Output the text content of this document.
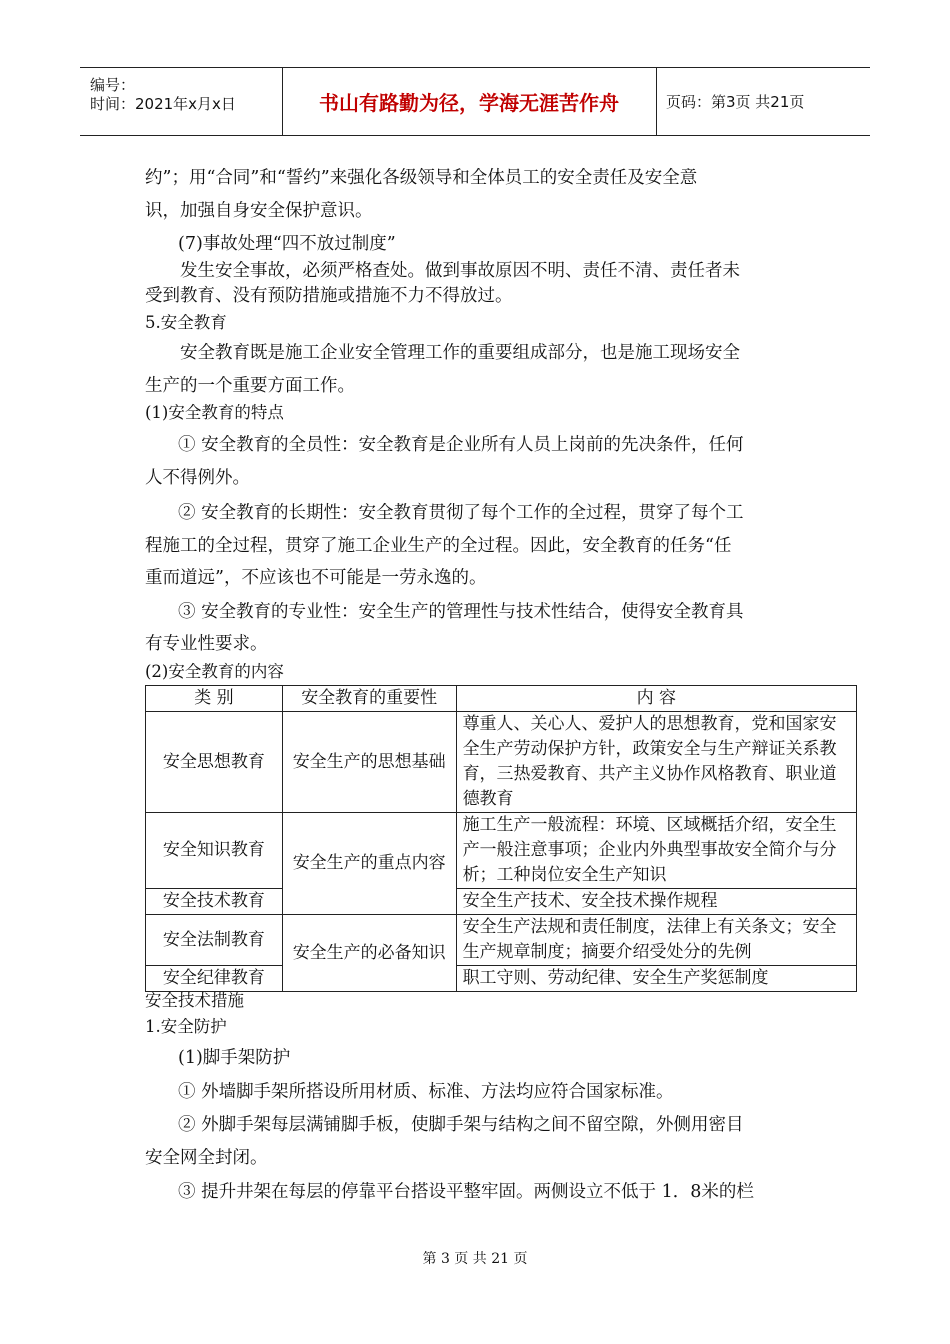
编号：
时间：2021年x月x日	书山有路勤为径，学海无涯苦作舟	页码：第3页 共21页
约”；用“合同”和“誓约”来强化各级领导和全体员工的安全责任及安全意
识，加强自身安全保护意识。
(7)事故处理“四不放过制度”
发生安全事故，必须严格查处。做到事故原因不明、责任不清、责任者未
受到教育、没有预防措施或措施不力不得放过。
5.安全教育
安全教育既是施工企业安全管理工作的重要组成部分，也是施工现场安全
生产的一个重要方面工作。
(1)安全教育的特点
① 安全教育的全员性：安全教育是企业所有人员上岗前的先决条件，任何
人不得例外。
② 安全教育的长期性：安全教育贯彻了每个工作的全过程，贯穿了每个工
程施工的全过程，贯穿了施工企业生产的全过程。因此，安全教育的任务“任
重而道远”，不应该也不可能是一劳永逸的。
③ 安全教育的专业性：安全生产的管理性与技术性结合，使得安全教育具
有专业性要求。
(2)安全教育的内容
类 别	安全教育的重要性	内 容
安全思想教育	安全生产的思想基础	尊重人、关心人、爱护人的思想教育，党和国家安全生产劳动保护方针，政策安全与生产辩证关系教育，三热爱教育、共产主义协作风格教育、职业道德教育
安全知识教育	安全生产的重点内容	施工生产一般流程：环境、区域概括介绍，安全生产一般注意事项；企业内外典型事故安全简介与分析；工种岗位安全生产知识
安全技术教育		安全生产技术、安全技术操作规程
安全法制教育	安全生产的必备知识	安全生产法规和责任制度，法律上有关条文；安全生产规章制度；摘要介绍受处分的先例
安全纪律教育		职工守则、劳动纪律、安全生产奖惩制度
安全技术措施
1.安全防护
(1)脚手架防护
① 外墙脚手架所搭设所用材质、标准、方法均应符合国家标准。
② 外脚手架每层满铺脚手板，使脚手架与结构之间不留空隙，外侧用密目
安全网全封闭。
③ 提升井架在每层的停靠平台搭设平整牢固。两侧设立不低于 1．8米的栏
第 3 页 共 21 页
